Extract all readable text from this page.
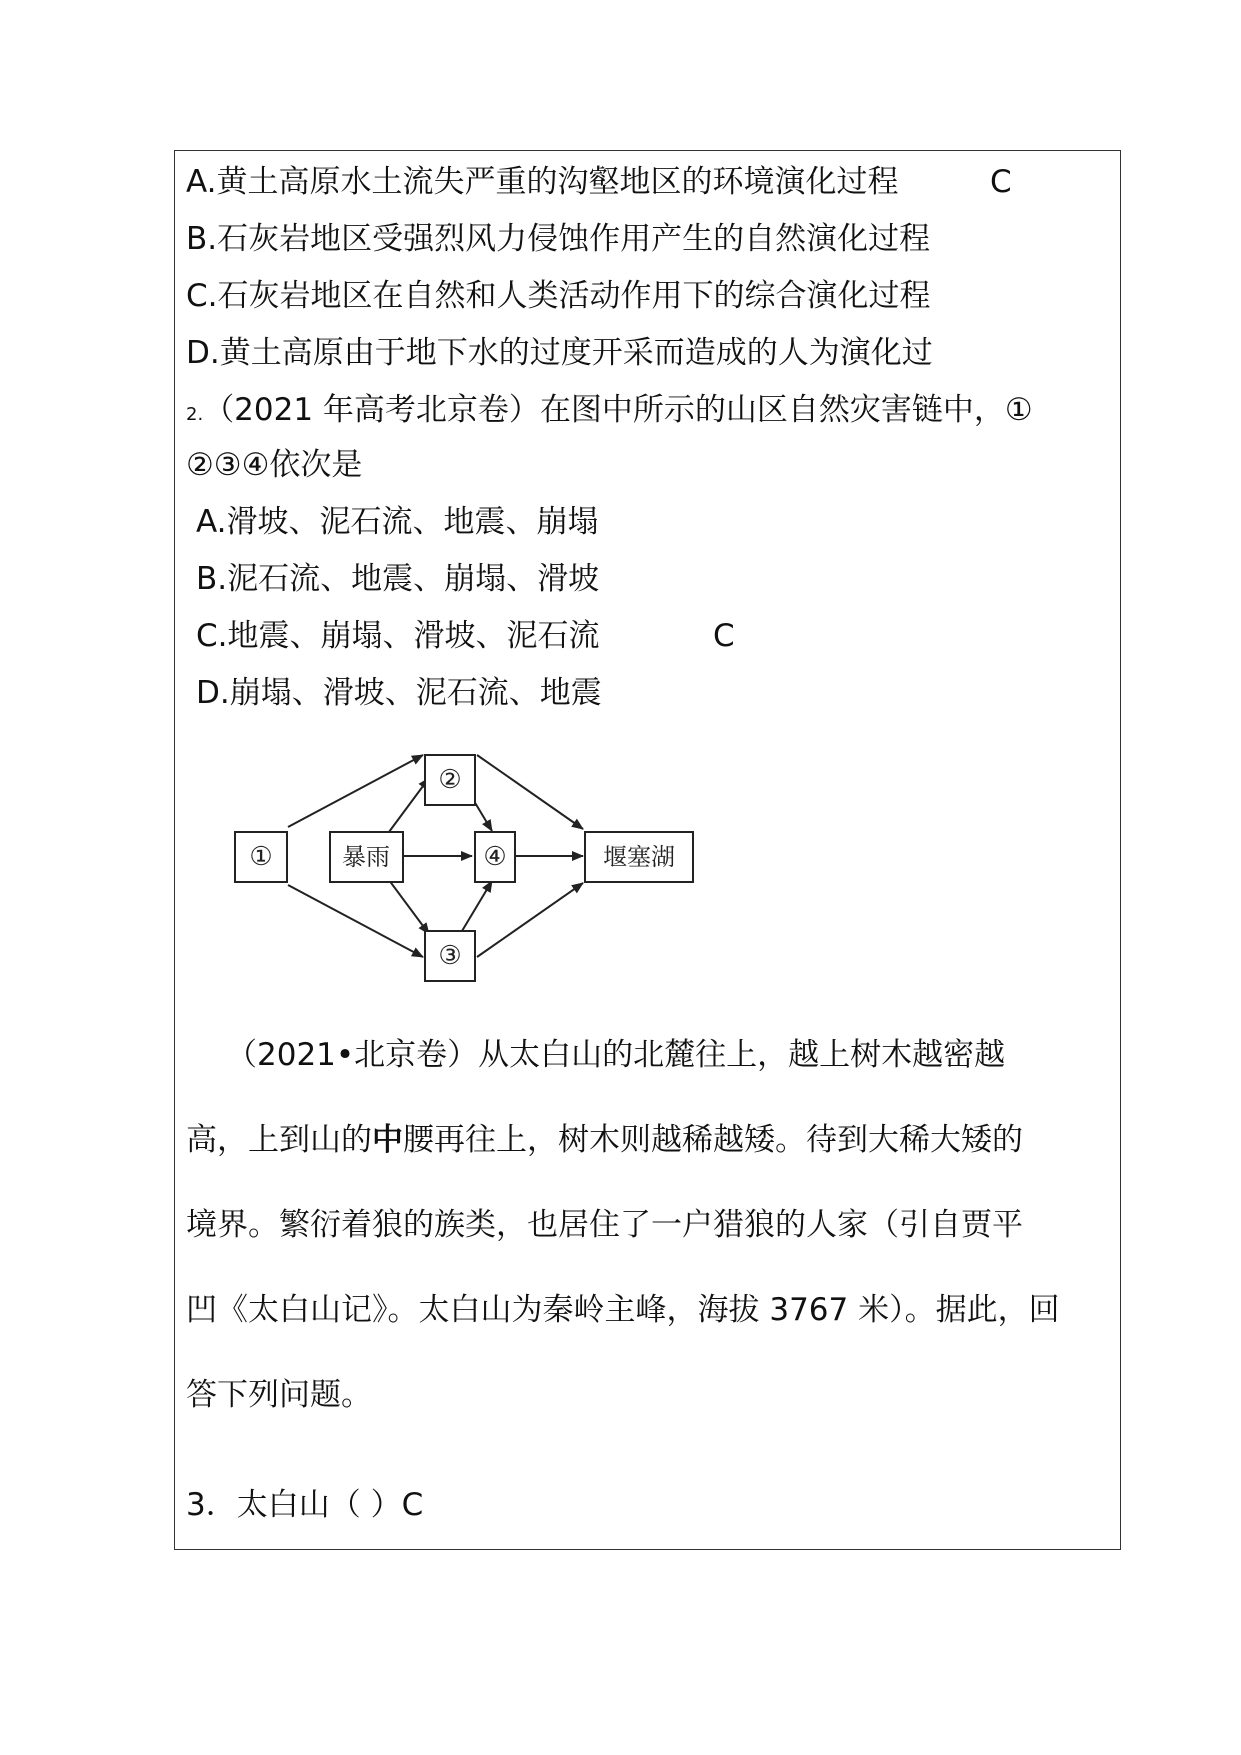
A.黄土高原水土流失严重的沟壑地区的环境演化过程	C
B.石灰岩地区受强烈风力侵蚀作用产生的自然演化过程
C.石灰岩地区在自然和人类活动作用下的综合演化过程
D.黄土高原由于地下水的过度开采而造成的人为演化过
2.（2021 年高考北京卷）在图中所示的山区自然灾害链中，①
②③④依次是
A.滑坡、泥石流、地震、崩塌
B.泥石流、地震、崩塌、滑坡
C.地震、崩塌、滑坡、泥石流	C
D.崩塌、滑坡、泥石流、地震
①
②
③
④
暴雨	堰塞湖
（2021•北京卷）从太白山的北麓往上，越上树木越密越
高，上到山的中腰再往上，树木则越稀越矮。待到大稀大矮的
境界。繁衍着狼的族类，也居住了一户猎狼的人家（引自贾平
凹《太白山记》。太白山为秦岭主峰，海拔 3767 米）。据此，回
答下列问题。
3．太白山（ ）C
